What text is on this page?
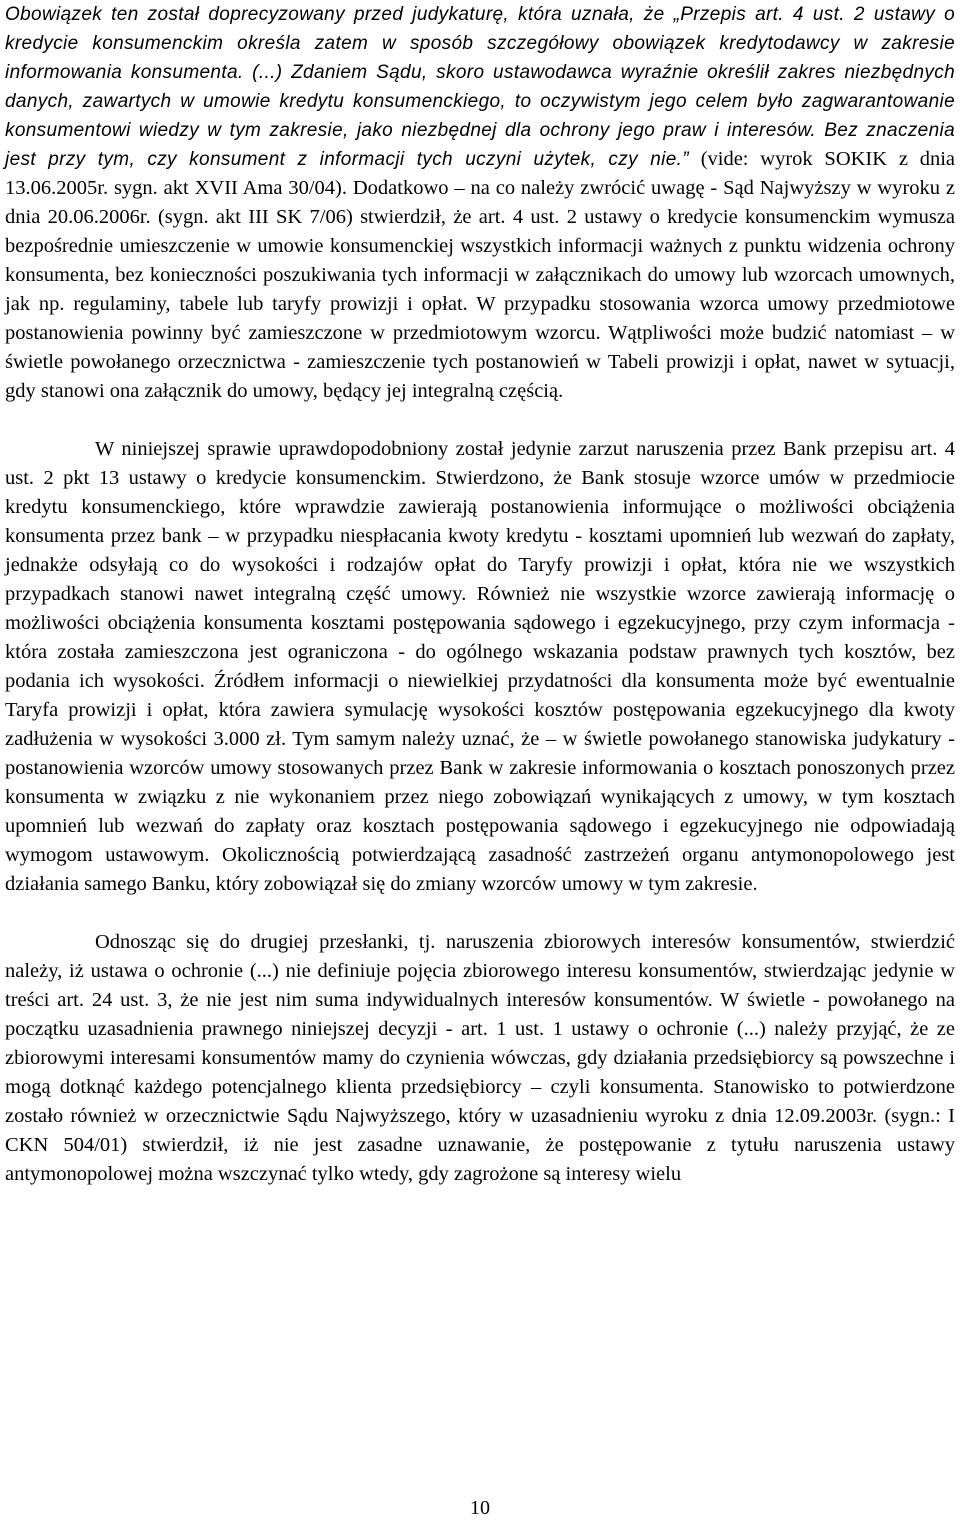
Obowiązek ten został doprecyzowany przed judykaturę, która uznała, że „Przepis art. 4 ust. 2 ustawy o kredycie konsumenckim określa zatem w sposób szczegółowy obowiązek kredytodawcy w zakresie informowania konsumenta. (...) Zdaniem Sądu, skoro ustawodawca wyraźnie określił zakres niezbędnych danych, zawartych w umowie kredytu konsumenckiego, to oczywistym jego celem było zagwarantowanie konsumentowi wiedzy w tym zakresie, jako niezbędnej dla ochrony jego praw i interesów. Bez znaczenia jest przy tym, czy konsument z informacji tych uczyni użytek, czy nie.” (vide: wyrok SOKIK z dnia 13.06.2005r. sygn. akt XVII Ama 30/04). Dodatkowo – na co należy zwrócić uwagę - Sąd Najwyższy w wyroku z dnia 20.06.2006r. (sygn. akt III SK 7/06) stwierdził, że art. 4 ust. 2 ustawy o kredycie konsumenckim wymusza bezpośrednie umieszczenie w umowie konsumenckiej wszystkich informacji ważnych z punktu widzenia ochrony konsumenta, bez konieczności poszukiwania tych informacji w załącznikach do umowy lub wzorcach umownych, jak np. regulaminy, tabele lub taryfy prowizji i opłat. W przypadku stosowania wzorca umowy przedmiotowe postanowienia powinny być zamieszczone w przedmiotowym wzorcu. Wątpliwości może budzić natomiast – w świetle powołanego orzecznictwa - zamieszczenie tych postanowień w Tabeli prowizji i opłat, nawet w sytuacji, gdy stanowi ona załącznik do umowy, będący jej integralną częścią.

W niniejszej sprawie uprawdopodobniony został jedynie zarzut naruszenia przez Bank przepisu art. 4 ust. 2 pkt 13 ustawy o kredycie konsumenckim. Stwierdzono, że Bank stosuje wzorce umów w przedmiocie kredytu konsumenckiego, które wprawdzie zawierają postanowienia informujące o możliwości obciążenia konsumenta przez bank – w przypadku niespłacania kwoty kredytu - kosztami upomnień lub wezwań do zapłaty, jednakże odsyłają co do wysokości i rodzajów opłat do Taryfy prowizji i opłat, która nie we wszystkich przypadkach stanowi nawet integralną część umowy. Również nie wszystkie wzorce zawierają informację o możliwości obciążenia konsumenta kosztami postępowania sądowego i egzekucyjnego, przy czym informacja - która została zamieszczona jest ograniczona - do ogólnego wskazania podstaw prawnych tych kosztów, bez podania ich wysokości. Źródłem informacji o niewielkiej przydatności dla konsumenta może być ewentualnie Taryfa prowizji i opłat, która zawiera symulację wysokości kosztów postępowania egzekucyjnego dla kwoty zadłużenia w wysokości 3.000 zł. Tym samym należy uznać, że – w świetle powołanego stanowiska judykatury - postanowienia wzorców umowy stosowanych przez Bank w zakresie informowania o kosztach ponoszonych przez konsumenta w związku z nie wykonaniem przez niego zobowiązań wynikających z umowy, w tym kosztach upomnień lub wezwań do zapłaty oraz kosztach postępowania sądowego i egzekucyjnego nie odpowiadają wymogom ustawowym. Okolicznością potwierdzającą zasadność zastrzeżeń organu antymonopolowego jest działania samego Banku, który zobowiązał się do zmiany wzorców umowy w tym zakresie.

Odnosząc się do drugiej przesłanki, tj. naruszenia zbiorowych interesów konsumentów, stwierdzić należy, iż ustawa o ochronie (...) nie definiuje pojęcia zbiorowego interesu konsumentów, stwierdzając jedynie w treści art. 24 ust. 3, że nie jest nim suma indywidualnych interesów konsumentów. W świetle - powołanego na początku uzasadnienia prawnego niniejszej decyzji - art. 1 ust. 1 ustawy o ochronie (...) należy przyjąć, że ze zbiorowymi interesami konsumentów mamy do czynienia wówczas, gdy działania przedsiębiorcy są powszechne i mogą dotknąć każdego potencjalnego klienta przedsiębiorcy – czyli konsumenta. Stanowisko to potwierdzone zostało również w orzecznictwie Sądu Najwyższego, który w uzasadnieniu wyroku z dnia 12.09.2003r. (sygn.: I CKN 504/01) stwierdził, iż nie jest zasadne uznawanie, że postępowanie z tytułu naruszenia ustawy antymonopolowej można wszczynać tylko wtedy, gdy zagrożone są interesy wielu

10
